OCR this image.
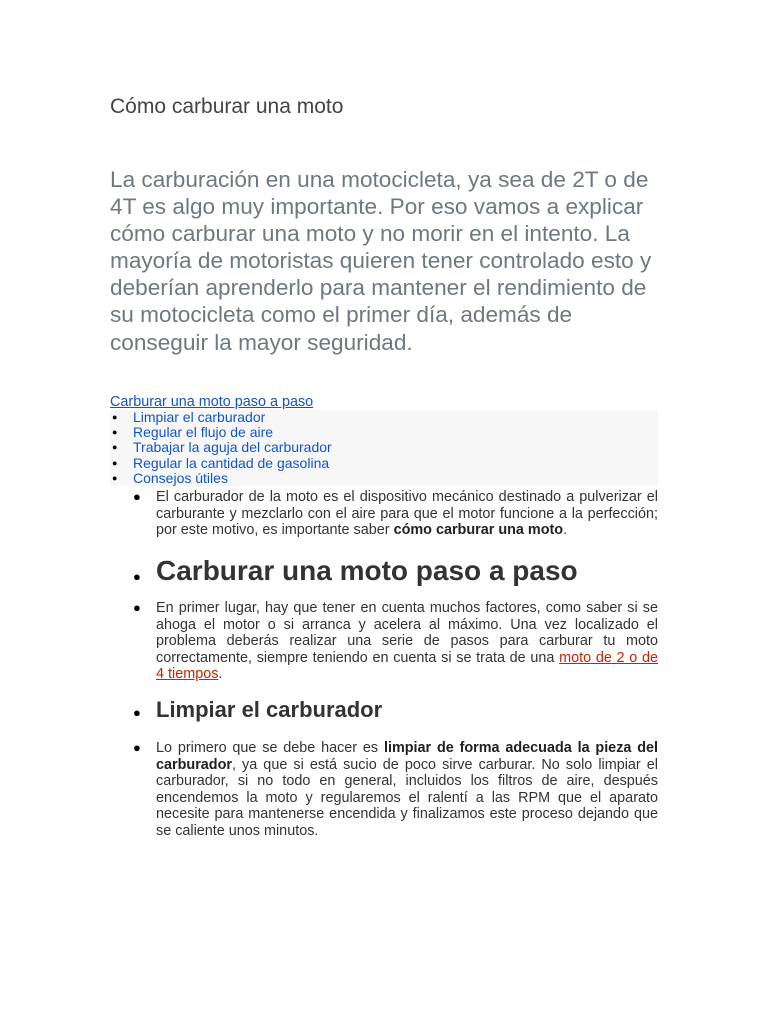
Cómo carburar una moto

La carburación en una motocicleta, ya sea de 2T o de 4T es algo muy importante. Por eso vamos a explicar cómo carburar una moto y no morir en el intento. La mayoría de motoristas quieren tener controlado esto y deberían aprenderlo para mantener el rendimiento de su motocicleta como el primer día, además de conseguir la mayor seguridad.

Carburar una moto paso a paso
● Limpiar el carburador
● Regular el flujo de aire
● Trabajar la aguja del carburador
● Regular la cantidad de gasolina
● Consejos útiles
● El carburador de la moto es el dispositivo mecánico destinado a pulverizar el carburante y mezclarlo con el aire para que el motor funcione a la perfección; por este motivo, es importante saber cómo carburar una moto.

● Carburar una moto paso a paso
● En primer lugar, hay que tener en cuenta muchos factores, como saber si se ahoga el motor o si arranca y acelera al máximo. Una vez localizado el problema deberás realizar una serie de pasos para carburar tu moto correctamente, siempre teniendo en cuenta si se trata de una moto de 2 o de 4 tiempos.

● Limpiar el carburador
● Lo primero que se debe hacer es limpiar de forma adecuada la pieza del carburador, ya que si está sucio de poco sirve carburar. No solo limpiar el carburador, si no todo en general, incluidos los filtros de aire, después encendemos la moto y regularemos el ralentí a las RPM que el aparato necesite para mantenerse encendida y finalizamos este proceso dejando que se caliente unos minutos.
